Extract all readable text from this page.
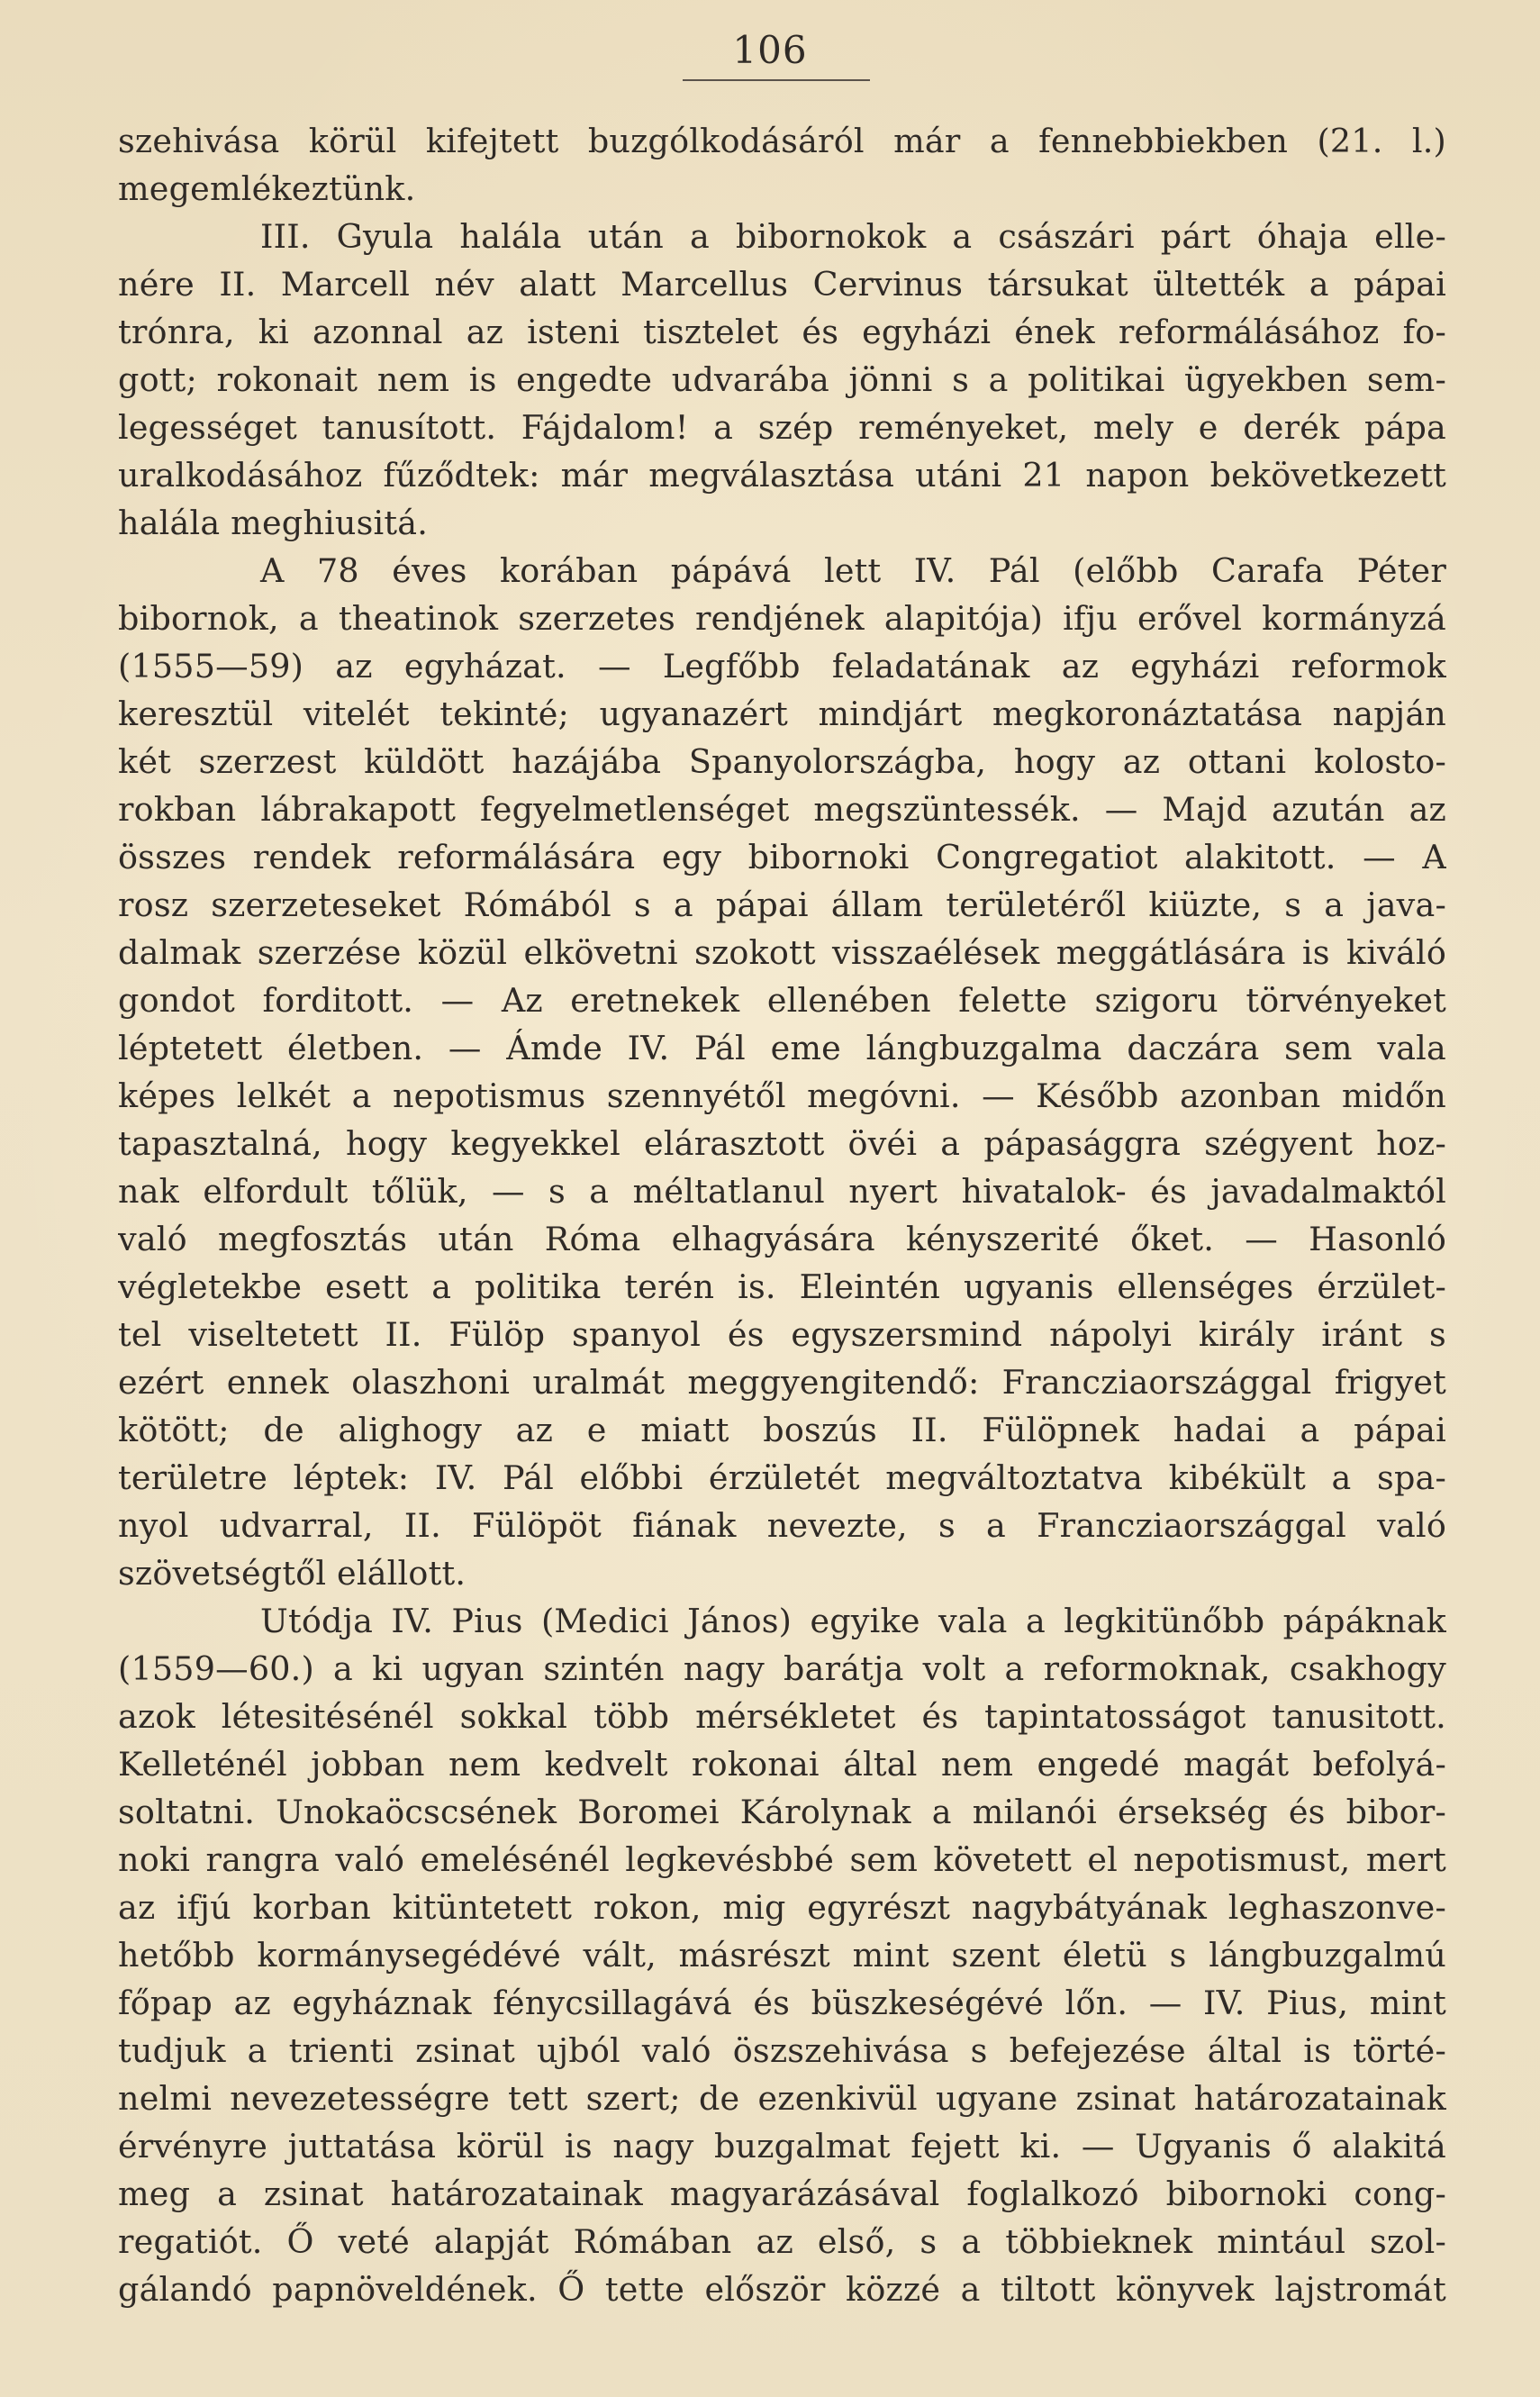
106
szehivása körül kifejtett buzgólkodásáról már a fennebbiekben (21. l.)
megemlékeztünk.
III. Gyula halála után a bibornokok a császári párt óhaja elle-
nére II. Marcell név alatt Marcellus Cervinus társukat ültették a pápai
trónra, ki azonnal az isteni tisztelet és egyházi ének reformálásához fo-
gott; rokonait nem is engedte udvarába jönni s a politikai ügyekben sem-
legességet tanusított. Fájdalom! a szép reményeket, mely e derék pápa
uralkodásához fűződtek: már megválasztása utáni 21 napon bekövetkezett
halála meghiusitá.
A 78 éves korában pápává lett IV. Pál (előbb Carafa Péter
bibornok, a theatinok szerzetes rendjének alapitója) ifju erővel kormányzá
(1555—59) az egyházat. — Legfőbb feladatának az egyházi reformok
keresztül vitelét tekinté; ugyanazért mindjárt megkoronáztatása napján
két szerzest küldött hazájába Spanyolországba, hogy az ottani kolosto-
rokban lábrakapott fegyelmetlenséget megszüntessék. — Majd azután az
összes rendek reformálására egy bibornoki Congregatiot alakitott. — A
rosz szerzeteseket Rómából s a pápai állam területéről kiüzte, s a java-
dalmak szerzése közül elkövetni szokott visszaélések meggátlására is kiváló
gondot forditott. — Az eretnekek ellenében felette szigoru törvényeket
léptetett életben. — Ámde IV. Pál eme lángbuzgalma daczára sem vala
képes lelkét a nepotismus szennyétől megóvni. — Később azonban midőn
tapasztalná, hogy kegyekkel elárasztott övéi a pápasággra szégyent hoz-
nak elfordult tőlük, — s a méltatlanul nyert hivatalok- és javadalmaktól
való megfosztás után Róma elhagyására kényszerité őket. — Hasonló
végletekbe esett a politika terén is. Eleintén ugyanis ellenséges érzület-
tel viseltetett II. Fülöp spanyol és egyszersmind nápolyi király iránt s
ezért ennek olaszhoni uralmát meggyengitendő: Francziaországgal frigyet
kötött; de alighogy az e miatt boszús II. Fülöpnek hadai a pápai
területre léptek: IV. Pál előbbi érzületét megváltoztatva kibékült a spa-
nyol udvarral, II. Fülöpöt fiának nevezte, s a Francziaországgal való
szövetségtől elállott.
Utódja IV. Pius (Medici János) egyike vala a legkitünőbb pápáknak
(1559—60.) a ki ugyan szintén nagy barátja volt a reformoknak, csakhogy
azok létesitésénél sokkal több mérsékletet és tapintatosságot tanusitott.
Kelleténél jobban nem kedvelt rokonai által nem engedé magát befolyá-
soltatni. Unokaöcscsének Boromei Károlynak a milanói érsekség és bibor-
noki rangra való emelésénél legkevésbbé sem követett el nepotismust, mert
az ifjú korban kitüntetett rokon, mig egyrészt nagybátyának leghaszonve-
hetőbb kormánysegédévé vált, másrészt mint szent életü s lángbuzgalmú
főpap az egyháznak fénycsillagává és büszkeségévé lőn. — IV. Pius, mint
tudjuk a trienti zsinat ujból való öszszehivása s befejezése által is törté-
nelmi nevezetességre tett szert; de ezenkivül ugyane zsinat határozatainak
érvényre juttatása körül is nagy buzgalmat fejett ki. — Ugyanis ő alakitá
meg a zsinat határozatainak magyarázásával foglalkozó bibornoki cong-
regatiót. Ő veté alapját Rómában az első, s a többieknek mintául szol-
gálandó papnöveldének. Ő tette először közzé a tiltott könyvek lajstromát
